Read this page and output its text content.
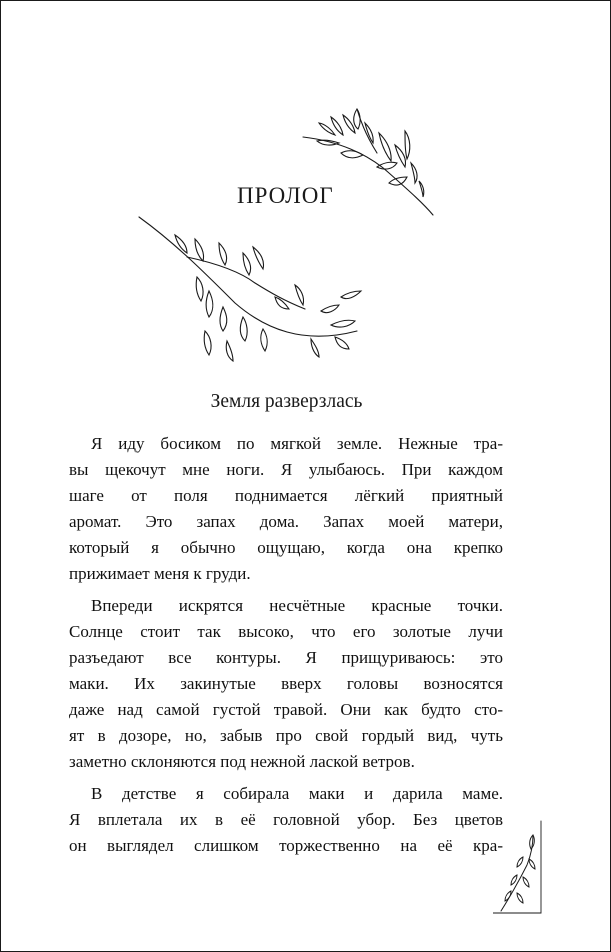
ПРОЛОГ
Земля разверзлась

Я иду босиком по мягкой земле. Нежные тра-
вы щекочут мне ноги. Я улыбаюсь. При каждом
шаге от поля поднимается лёгкий приятный
аромат. Это запах дома. Запах моей матери,
который я обычно ощущаю, когда она крепко
прижимает меня к груди.

Впереди искрятся несчётные красные точки.
Солнце стоит так высоко, что его золотые лучи
разъедают все контуры. Я прищуриваюсь: это
маки. Их закинутые вверх головы возносятся
даже над самой густой травой. Они как будто сто-
ят в дозоре, но, забыв про свой гордый вид, чуть
заметно склоняются под нежной лаской ветров.

В детстве я собирала маки и дарила маме.
Я вплетала их в её головной убор. Без цветов
он выглядел слишком торжественно на её кра-
